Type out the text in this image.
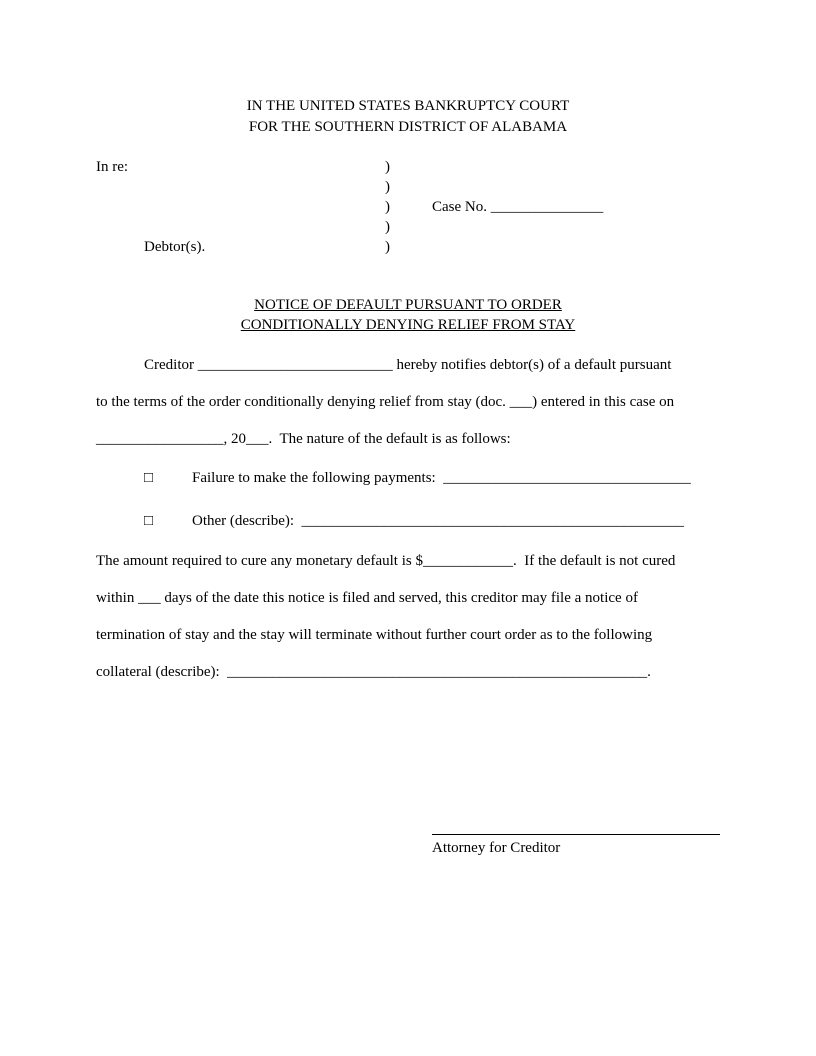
IN THE UNITED STATES BANKRUPTCY COURT
FOR THE SOUTHERN DISTRICT OF ALABAMA
In re:	)
)
)	Case No. _______________
)
Debtor(s).	)
NOTICE OF DEFAULT PURSUANT TO ORDER
CONDITIONALLY DENYING RELIEF FROM STAY
Creditor __________________________ hereby notifies debtor(s) of a default pursuant
to the terms of the order conditionally denying relief from stay (doc. ___) entered in this case on
_________________, 20___.  The nature of the default is as follows:
□	Failure to make the following payments:  _________________________________
□	Other (describe):  ___________________________________________________
The amount required to cure any monetary default is $____________.  If the default is not cured
within ___ days of the date this notice is filed and served, this creditor may file a notice of
termination of stay and the stay will terminate without further court order as to the following
collateral (describe):  ________________________________________________________.
Attorney for Creditor
